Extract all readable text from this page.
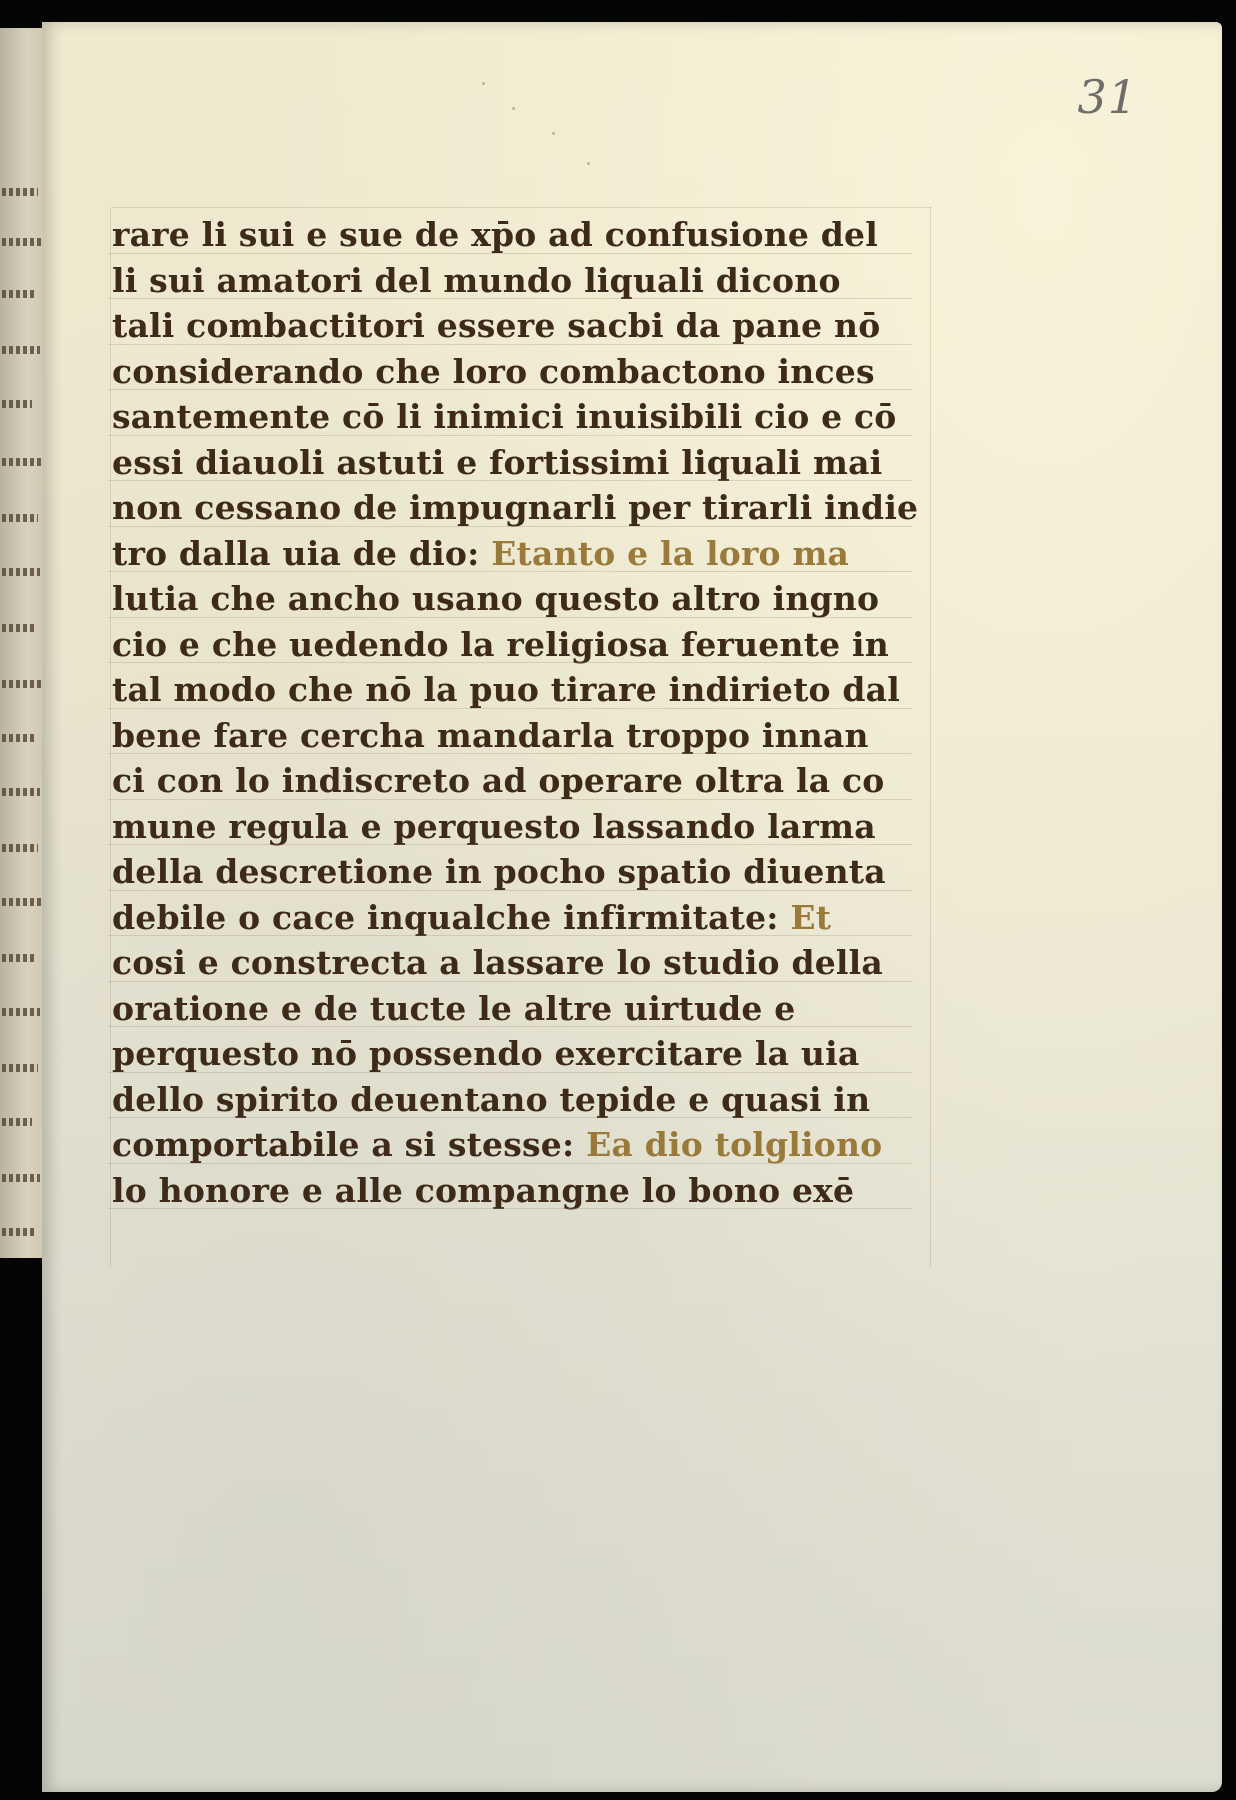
31
rare li sui e sue de xp̄o ad confusione del
li sui amatori del mundo liquali dicono
tali combactitori essere sacbi da pane nō
considerando che loro combactono inces
santemente cō li inimici inuisibili cio e cō
essi diauoli astuti e fortissimi liquali mai
non cessano de impugnarli per tirarli indie
tro dalla uia de dio: Etanto e la loro ma
lutia che ancho usano questo altro ingno
cio e che uedendo la religiosa feruente in
tal modo che nō la puo tirare indirieto dal
bene fare cercha mandarla troppo innan
ci con lo indiscreto ad operare oltra la co
mune regula e perquesto lassando larma
della descretione in pocho spatio diuenta
debile o cace inqualche infirmitate: Et
cosi e constrecta a lassare lo studio della
oratione e de tucte le altre uirtude e
perquesto nō possendo exercitare la uia
dello spirito deuentano tepide e quasi in
comportabile a si stesse: Ea dio tolgliono
lo honore e alle compangne lo bono exē
